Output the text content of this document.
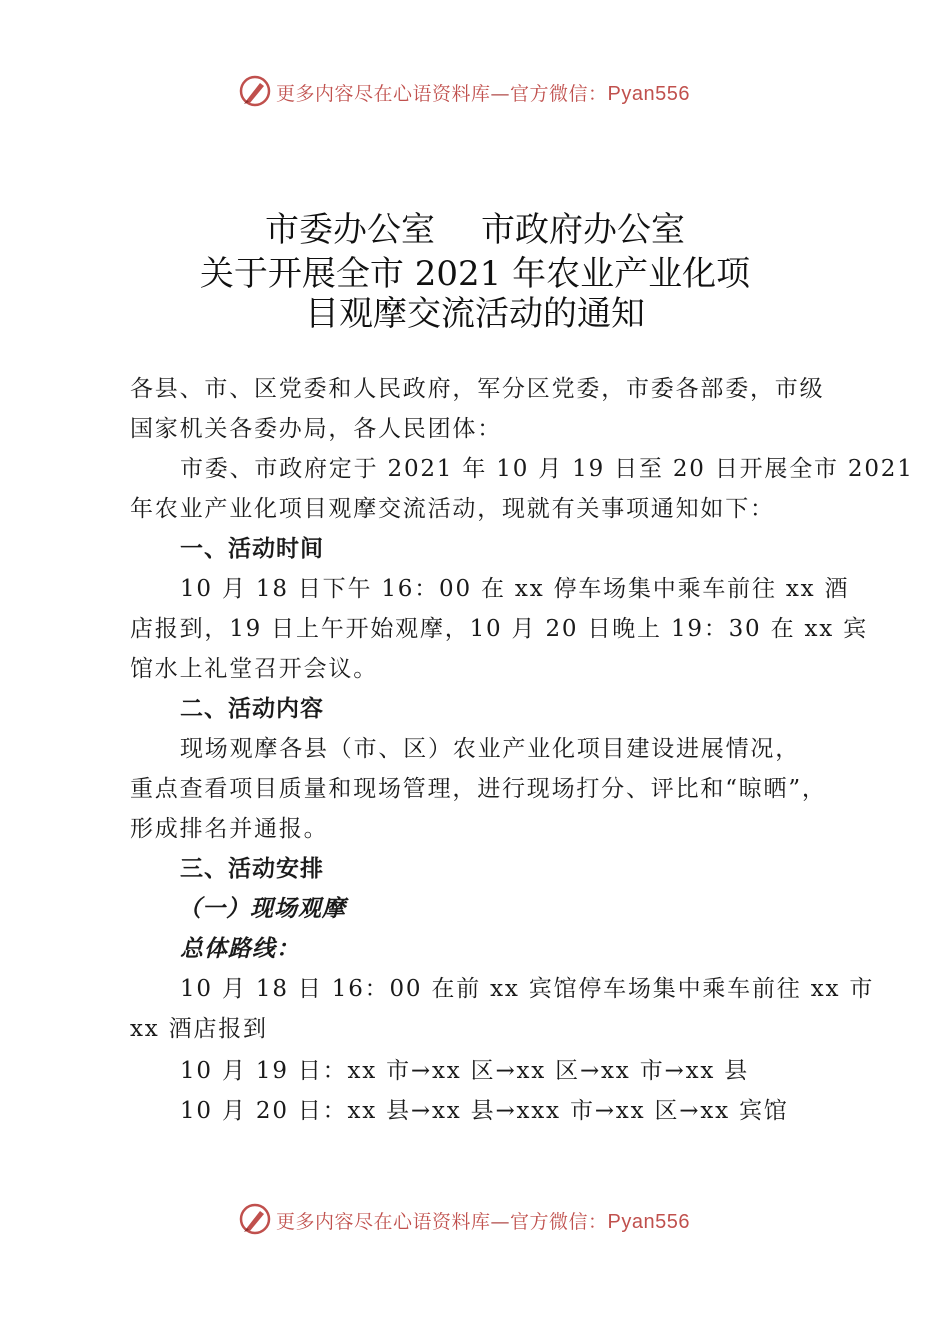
更多内容尽在心语资料库—官方微信：Pyan556
市委办公室 市政府办公室
关于开展全市 2021 年农业产业化项
目观摩交流活动的通知
各县、市、区党委和人民政府，军分区党委，市委各部委，市级
国家机关各委办局，各人民团体：
市委、市政府定于 2021 年 10 月 19 日至 20 日开展全市 2021
年农业产业化项目观摩交流活动，现就有关事项通知如下：
一、活动时间
10 月 18 日下午 16：00 在 xx 停车场集中乘车前往 xx 酒
店报到，19 日上午开始观摩，10 月 20 日晚上 19：30 在 xx 宾
馆水上礼堂召开会议。
二、活动内容
现场观摩各县（市、区）农业产业化项目建设进展情况，
重点查看项目质量和现场管理，进行现场打分、评比和“晾晒”，
形成排名并通报。
三、活动安排
（一）现场观摩
总体路线：
10 月 18 日 16：00 在前 xx 宾馆停车场集中乘车前往 xx 市
xx 酒店报到
10 月 19 日：xx 市→xx 区→xx 区→xx 市→xx 县
10 月 20 日：xx 县→xx 县→xxx 市→xx 区→xx 宾馆
更多内容尽在心语资料库—官方微信：Pyan556
